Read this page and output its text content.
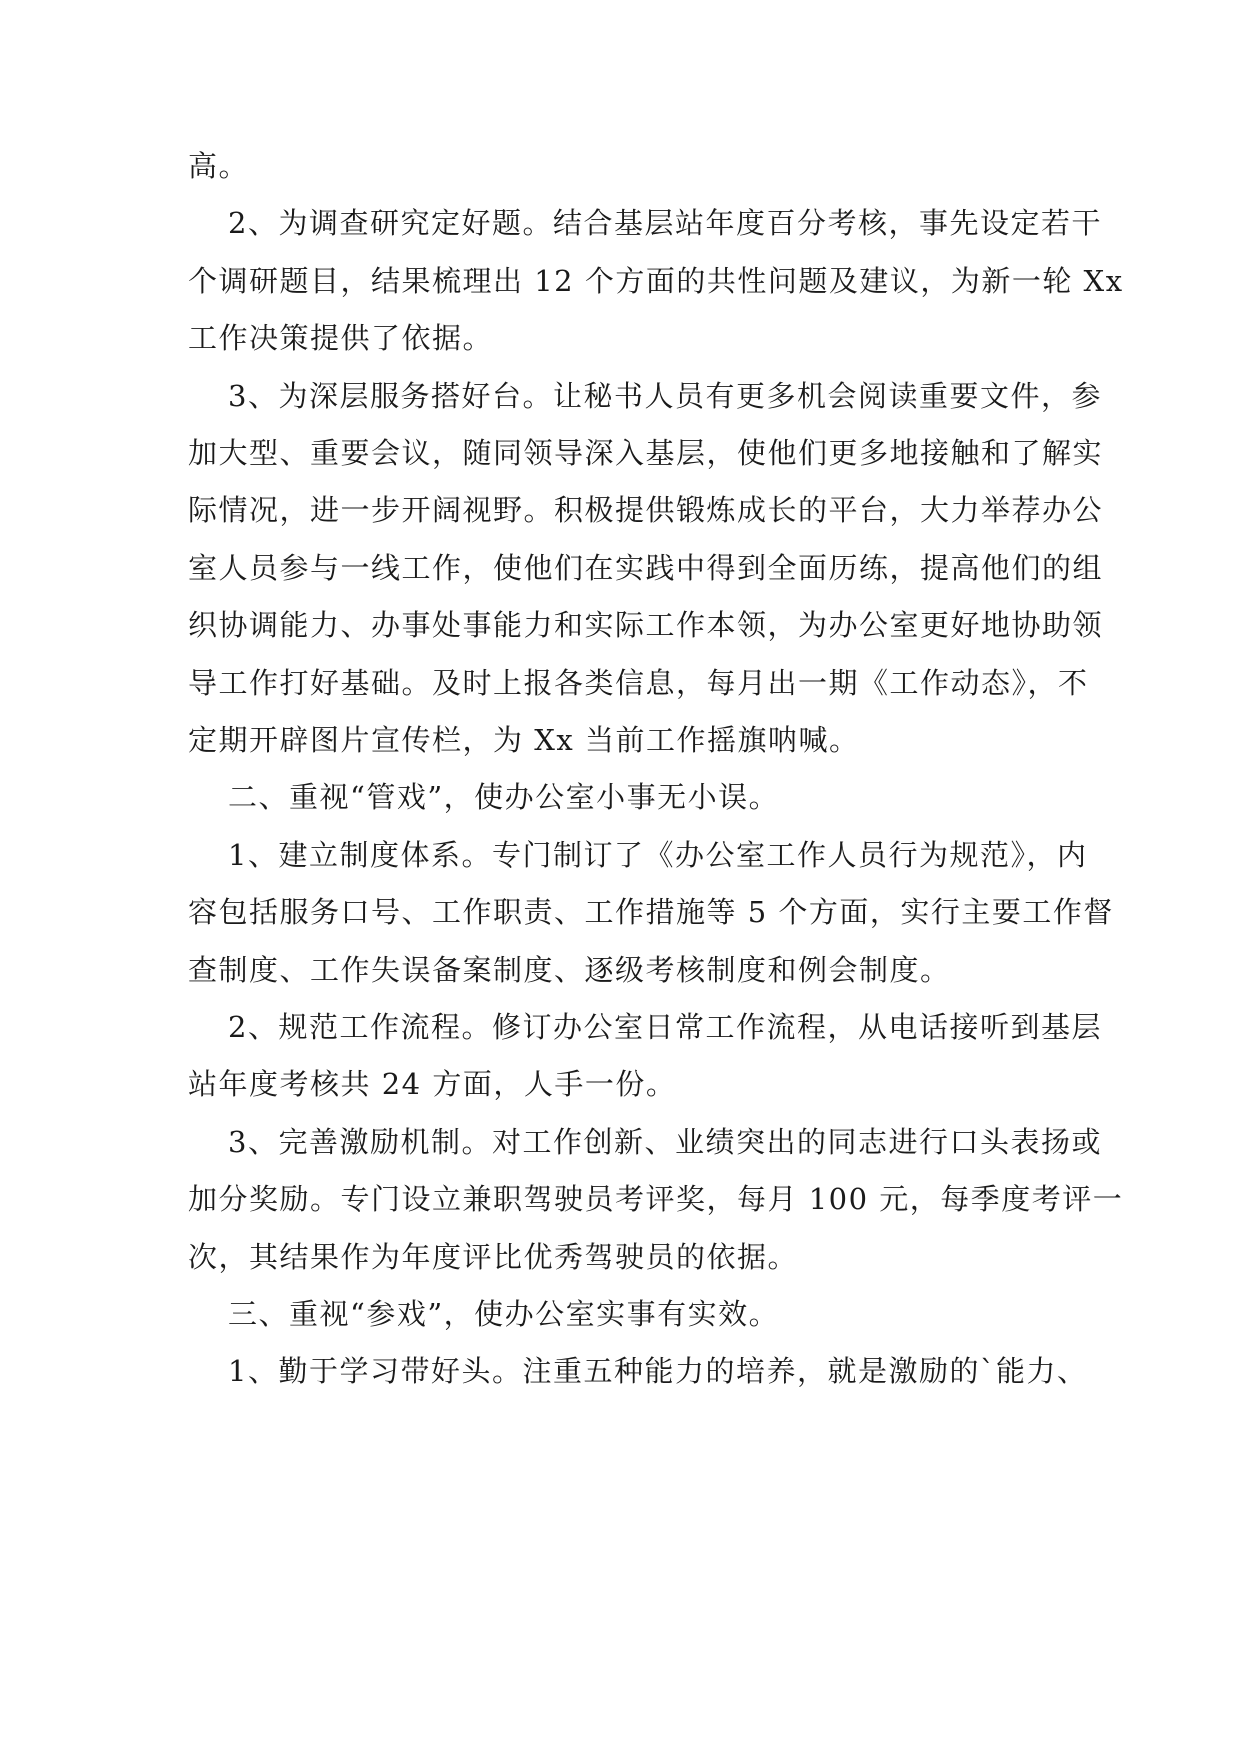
高。
2、为调查研究定好题。结合基层站年度百分考核，事先设定若干
个调研题目，结果梳理出 12 个方面的共性问题及建议，为新一轮 Xx
工作决策提供了依据。
3、为深层服务搭好台。让秘书人员有更多机会阅读重要文件，参
加大型、重要会议，随同领导深入基层，使他们更多地接触和了解实
际情况，进一步开阔视野。积极提供锻炼成长的平台，大力举荐办公
室人员参与一线工作，使他们在实践中得到全面历练，提高他们的组
织协调能力、办事处事能力和实际工作本领，为办公室更好地协助领
导工作打好基础。及时上报各类信息，每月出一期《工作动态》，不
定期开辟图片宣传栏，为 Xx 当前工作摇旗呐喊。
二、重视“管戏”，使办公室小事无小误。
1、建立制度体系。专门制订了《办公室工作人员行为规范》，内
容包括服务口号、工作职责、工作措施等 5 个方面，实行主要工作督
查制度、工作失误备案制度、逐级考核制度和例会制度。
2、规范工作流程。修订办公室日常工作流程，从电话接听到基层
站年度考核共 24 方面，人手一份。
3、完善激励机制。对工作创新、业绩突出的同志进行口头表扬或
加分奖励。专门设立兼职驾驶员考评奖，每月 100 元，每季度考评一
次，其结果作为年度评比优秀驾驶员的依据。
三、重视“参戏”，使办公室实事有实效。
1、勤于学习带好头。注重五种能力的培养，就是激励的`能力、
